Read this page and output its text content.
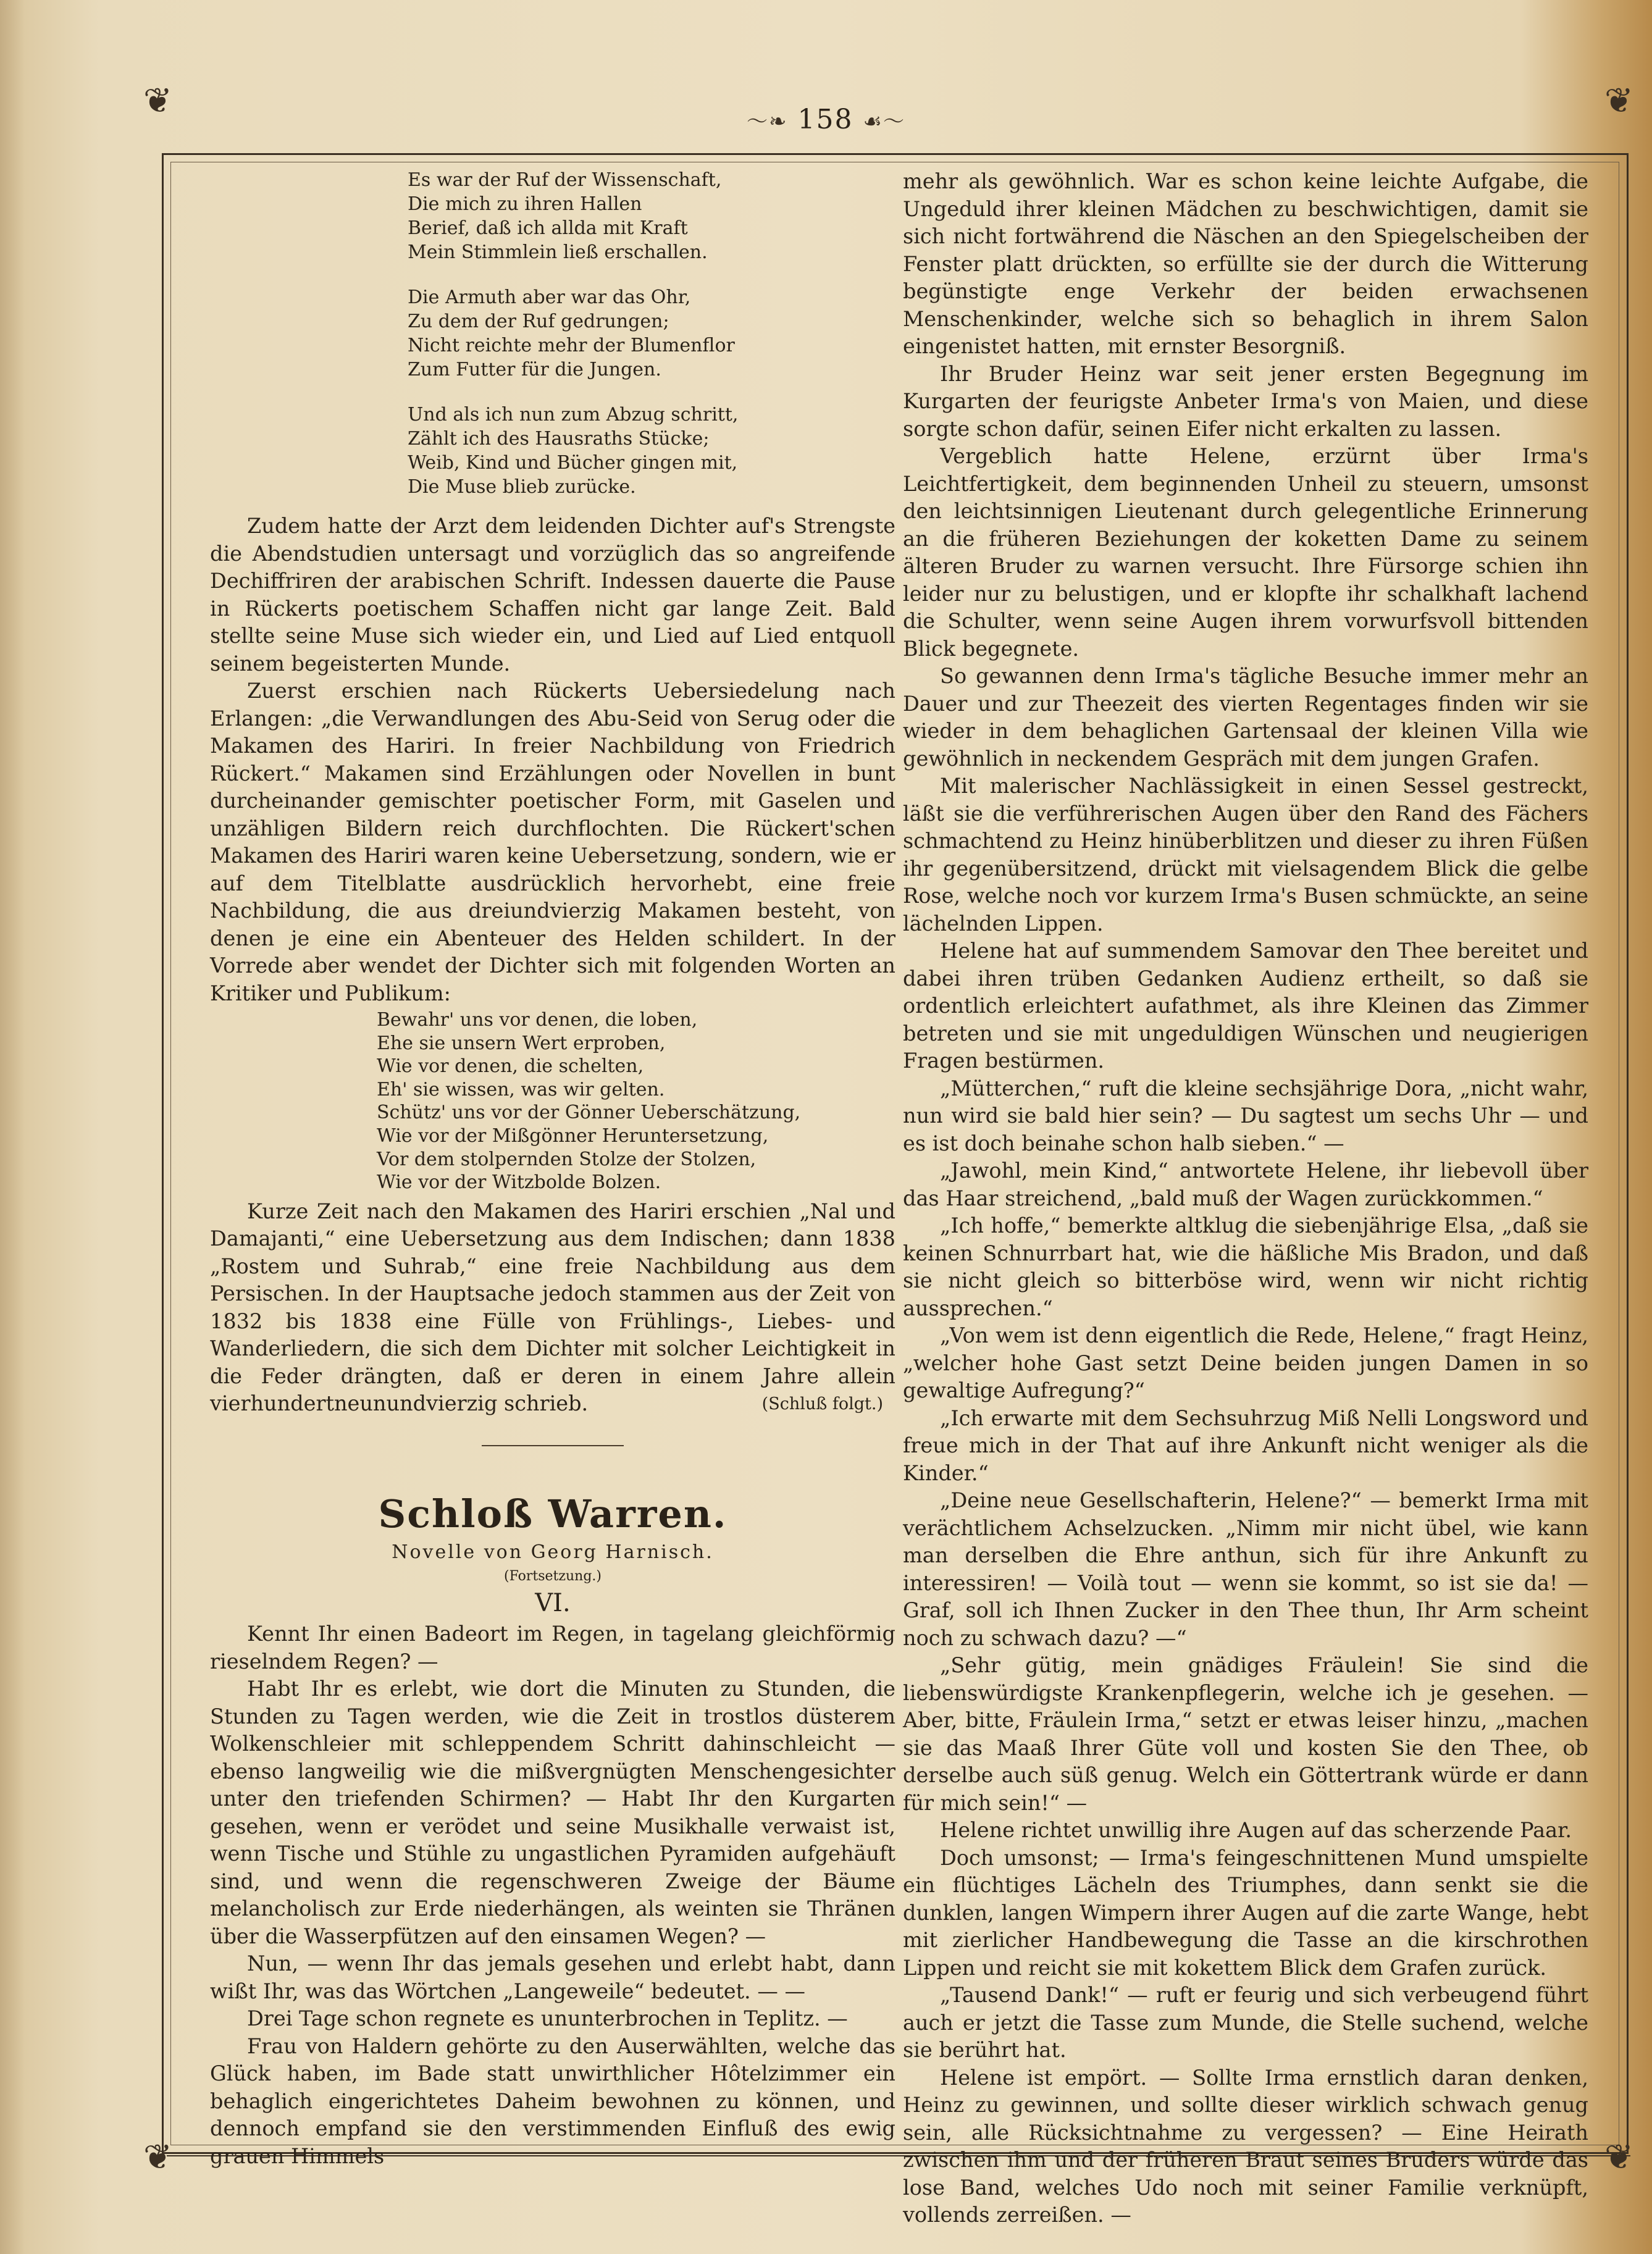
❦	❦
❦	❦
～❧ 158 ☙～

Es war der Ruf der Wissenschaft,

Die mich zu ihren Hallen

Berief, daß ich allda mit Kraft

Mein Stimmlein ließ erschallen.

Die Armuth aber war das Ohr,

Zu dem der Ruf gedrungen;

Nicht reichte mehr der Blumenflor

Zum Futter für die Jungen.

Und als ich nun zum Abzug schritt,

Zählt ich des Hausraths Stücke;

Weib, Kind und Bücher gingen mit,

Die Muse blieb zurücke.

Zudem hatte der Arzt dem leidenden Dichter auf's Strengste die Abendstudien untersagt und vorzüglich das so angreifende Dechiffriren der arabischen Schrift. Indessen dauerte die Pause in Rückerts poetischem Schaffen nicht gar lange Zeit. Bald stellte seine Muse sich wieder ein, und Lied auf Lied entquoll seinem begeisterten Munde.

Zuerst erschien nach Rückerts Uebersiedelung nach Erlangen: „die Verwandlungen des Abu-Seid von Serug oder die Makamen des Hariri. In freier Nachbildung von Friedrich Rückert.“ Makamen sind Erzählungen oder Novellen in bunt durcheinander gemischter poetischer Form, mit Gaselen und unzähligen Bildern reich durchflochten. Die Rückert'schen Makamen des Hariri waren keine Uebersetzung, sondern, wie er auf dem Titelblatte ausdrücklich hervorhebt, eine freie Nachbildung, die aus dreiundvierzig Makamen besteht, von denen je eine ein Abenteuer des Helden schildert. In der Vorrede aber wendet der Dichter sich mit folgenden Worten an Kritiker und Publikum:

Bewahr' uns vor denen, die loben,

Ehe sie unsern Wert erproben,

Wie vor denen, die schelten,

Eh' sie wissen, was wir gelten.

Schütz' uns vor der Gönner Ueberschätzung,

Wie vor der Mißgönner Heruntersetzung,

Vor dem stolpernden Stolze der Stolzen,

Wie vor der Witzbolde Bolzen.

Kurze Zeit nach den Makamen des Hariri erschien „Nal und Damajanti,“ eine Uebersetzung aus dem Indischen; dann 1838 „Rostem und Suhrab,“ eine freie Nachbildung aus dem Persischen. In der Hauptsache jedoch stammen aus der Zeit von 1832 bis 1838 eine Fülle von Frühlings-, Liebes- und Wanderliedern, die sich dem Dichter mit solcher Leichtigkeit in die Feder drängten, daß er deren in einem Jahre allein vierhundertneunundvierzig schrieb.	(Schluß folgt.)
Schloß Warren.
Novelle von Georg Harnisch.
(Fortsetzung.)
VI.

Kennt Ihr einen Badeort im Regen, in tagelang gleichförmig rieselndem Regen? —

Habt Ihr es erlebt, wie dort die Minuten zu Stunden, die Stunden zu Tagen werden, wie die Zeit in trostlos düsterem Wolkenschleier mit schleppendem Schritt dahinschleicht — ebenso langweilig wie die mißvergnügten Menschengesichter unter den triefenden Schirmen? — Habt Ihr den Kurgarten gesehen, wenn er verödet und seine Musikhalle verwaist ist, wenn Tische und Stühle zu ungastlichen Pyramiden aufgehäuft sind, und wenn die regenschweren Zweige der Bäume melancholisch zur Erde niederhängen, als weinten sie Thränen über die Wasserpfützen auf den einsamen Wegen? —

Nun, — wenn Ihr das jemals gesehen und erlebt habt, dann wißt Ihr, was das Wörtchen „Langeweile“ bedeutet. — —

Drei Tage schon regnete es ununterbrochen in Teplitz. —

Frau von Haldern gehörte zu den Auserwählten, welche das Glück haben, im Bade statt unwirthlicher Hôtelzimmer ein behaglich eingerichtetes Daheim bewohnen zu können, und dennoch empfand sie den verstimmenden Einfluß des ewig grauen Himmels

mehr als gewöhnlich. War es schon keine leichte Aufgabe, die Ungeduld ihrer kleinen Mädchen zu beschwichtigen, damit sie sich nicht fortwährend die Näschen an den Spiegelscheiben der Fenster platt drückten, so erfüllte sie der durch die Witterung begünstigte enge Verkehr der beiden erwachsenen Menschenkinder, welche sich so behaglich in ihrem Salon eingenistet hatten, mit ernster Besorgniß.

Ihr Bruder Heinz war seit jener ersten Begegnung im Kurgarten der feurigste Anbeter Irma's von Maien, und diese sorgte schon dafür, seinen Eifer nicht erkalten zu lassen.

Vergeblich hatte Helene, erzürnt über Irma's Leichtfertigkeit, dem beginnenden Unheil zu steuern, umsonst den leichtsinnigen Lieutenant durch gelegentliche Erinnerung an die früheren Beziehungen der koketten Dame zu seinem älteren Bruder zu warnen versucht. Ihre Fürsorge schien ihn leider nur zu belustigen, und er klopfte ihr schalkhaft lachend die Schulter, wenn seine Augen ihrem vorwurfsvoll bittenden Blick begegnete.

So gewannen denn Irma's tägliche Besuche immer mehr an Dauer und zur Theezeit des vierten Regentages finden wir sie wieder in dem behaglichen Gartensaal der kleinen Villa wie gewöhnlich in neckendem Gespräch mit dem jungen Grafen.

Mit malerischer Nachlässigkeit in einen Sessel gestreckt, läßt sie die verführerischen Augen über den Rand des Fächers schmachtend zu Heinz hinüberblitzen und dieser zu ihren Füßen ihr gegenübersitzend, drückt mit vielsagendem Blick die gelbe Rose, welche noch vor kurzem Irma's Busen schmückte, an seine lächelnden Lippen.

Helene hat auf summendem Samovar den Thee bereitet und dabei ihren trüben Gedanken Audienz ertheilt, so daß sie ordentlich erleichtert aufathmet, als ihre Kleinen das Zimmer betreten und sie mit ungeduldigen Wünschen und neugierigen Fragen bestürmen.

„Mütterchen,“ ruft die kleine sechsjährige Dora, „nicht wahr, nun wird sie bald hier sein? — Du sagtest um sechs Uhr — und es ist doch beinahe schon halb sieben.“ —

„Jawohl, mein Kind,“ antwortete Helene, ihr liebevoll über das Haar streichend, „bald muß der Wagen zurückkommen.“

„Ich hoffe,“ bemerkte altklug die siebenjährige Elsa, „daß sie keinen Schnurrbart hat, wie die häßliche Mis Bradon, und daß sie nicht gleich so bitterböse wird, wenn wir nicht richtig aussprechen.“

„Von wem ist denn eigentlich die Rede, Helene,“ fragt Heinz, „welcher hohe Gast setzt Deine beiden jungen Damen in so gewaltige Aufregung?“

„Ich erwarte mit dem Sechsuhrzug Miß Nelli Longsword und freue mich in der That auf ihre Ankunft nicht weniger als die Kinder.“

„Deine neue Gesellschafterin, Helene?“ — bemerkt Irma mit verächtlichem Achselzucken. „Nimm mir nicht übel, wie kann man derselben die Ehre anthun, sich für ihre Ankunft zu interessiren! — Voilà tout — wenn sie kommt, so ist sie da! — Graf, soll ich Ihnen Zucker in den Thee thun, Ihr Arm scheint noch zu schwach dazu? —“

„Sehr gütig, mein gnädiges Fräulein! Sie sind die liebenswürdigste Krankenpflegerin, welche ich je gesehen. — Aber, bitte, Fräulein Irma,“ setzt er etwas leiser hinzu, „machen sie das Maaß Ihrer Güte voll und kosten Sie den Thee, ob derselbe auch süß genug. Welch ein Göttertrank würde er dann für mich sein!“ —

Helene richtet unwillig ihre Augen auf das scherzende Paar.

Doch umsonst; — Irma's feingeschnittenen Mund umspielte ein flüchtiges Lächeln des Triumphes, dann senkt sie die dunklen, langen Wimpern ihrer Augen auf die zarte Wange, hebt mit zierlicher Handbewegung die Tasse an die kirschrothen Lippen und reicht sie mit kokettem Blick dem Grafen zurück.

„Tausend Dank!“ — ruft er feurig und sich verbeugend führt auch er jetzt die Tasse zum Munde, die Stelle suchend, welche sie berührt hat.

Helene ist empört. — Sollte Irma ernstlich daran denken, Heinz zu gewinnen, und sollte dieser wirklich schwach genug sein, alle Rücksichtnahme zu vergessen? — Eine Heirath zwischen ihm und der früheren Braut seines Bruders würde das lose Band, welches Udo noch mit seiner Familie verknüpft, vollends zerreißen. —
